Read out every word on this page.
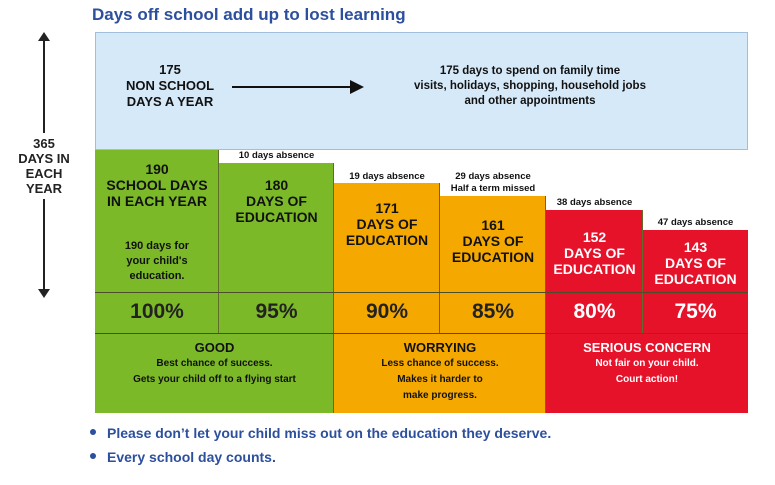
Days off school add up to lost learning
175
NON SCHOOL
DAYS A YEAR
175 days to spend on family time
visits, holidays, shopping, household jobs
and other appointments
365
DAYS IN
EACH
YEAR
190
SCHOOL DAYS
IN EACH YEAR
190 days for
your child's
education.
10 days absence
180
DAYS OF
EDUCATION
19 days absence
171
DAYS OF
EDUCATION
29 days absence
Half a term missed
161
DAYS OF
EDUCATION
38 days absence
152
DAYS OF
EDUCATION
47 days absence
143
DAYS OF
EDUCATION
100%	95%	90%	85%	80%	75%
GOOD
Best chance of success.
Gets your child off to a flying start
WORRYING
Less chance of success.
Makes it harder to
make progress.
SERIOUS CONCERN
Not fair on your child.
Court action!
Please don’t let your child miss out on the education they deserve.
Every school day counts.
